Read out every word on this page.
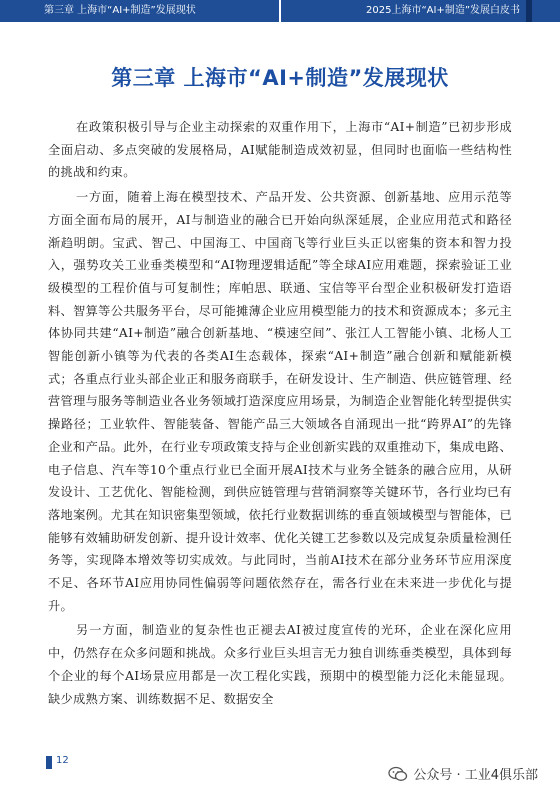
第三章 上海市“AI+制造”发展现状	2025上海市“AI+制造”发展白皮书
第三章 上海市“AI+制造”发展现状

在政策积极引导与企业主动探索的双重作用下，上海市“AI+制造”已初步形成全面启动、多点突破的发展格局，AI赋能制造成效初显，但同时也面临一些结构性的挑战和约束。

一方面，随着上海在模型技术、产品开发、公共资源、创新基地、应用示范等方面全面布局的展开，AI与制造业的融合已开始向纵深延展，企业应用范式和路径渐趋明朗。宝武、智己、中国海工、中国商飞等行业巨头正以密集的资本和智力投入，强势攻关工业垂类模型和“AI物理逻辑适配”等全球AI应用难题，探索验证工业级模型的工程价值与可复制性；库帕思、联通、宝信等平台型企业积极研发打造语料、智算等公共服务平台，尽可能摊薄企业应用模型能力的技术和资源成本；多元主体协同共建“AI+制造”融合创新基地、“模速空间”、张江人工智能小镇、北杨人工智能创新小镇等为代表的各类AI生态载体，探索“AI+制造”融合创新和赋能新模式；各重点行业头部企业正和服务商联手，在研发设计、生产制造、供应链管理、经营管理与服务等制造业各业务领域打造深度应用场景，为制造企业智能化转型提供实操路径；工业软件、智能装备、智能产品三大领域各自涌现出一批“跨界AI”的先锋企业和产品。此外，在行业专项政策支持与企业创新实践的双重推动下，集成电路、电子信息、汽车等10个重点行业已全面开展AI技术与业务全链条的融合应用，从研发设计、工艺优化、智能检测，到供应链管理与营销洞察等关键环节，各行业均已有落地案例。尤其在知识密集型领域，依托行业数据训练的垂直领域模型与智能体，已能够有效辅助研发创新、提升设计效率、优化关键工艺参数以及完成复杂质量检测任务等，实现降本增效等切实成效。与此同时，当前AI技术在部分业务环节应用深度不足、各环节AI应用协同性偏弱等问题依然存在，需各行业在未来进一步优化与提升。

另一方面，制造业的复杂性也正褪去AI被过度宣传的光环，企业在深化应用中，仍然存在众多问题和挑战。众多行业巨头坦言无力独自训练垂类模型，具体到每个企业的每个AI场景应用都是一次工程化实践，预期中的模型能力泛化未能显现。缺少成熟方案、训练数据不足、数据安全

12
公众号 · 工业4俱乐部
